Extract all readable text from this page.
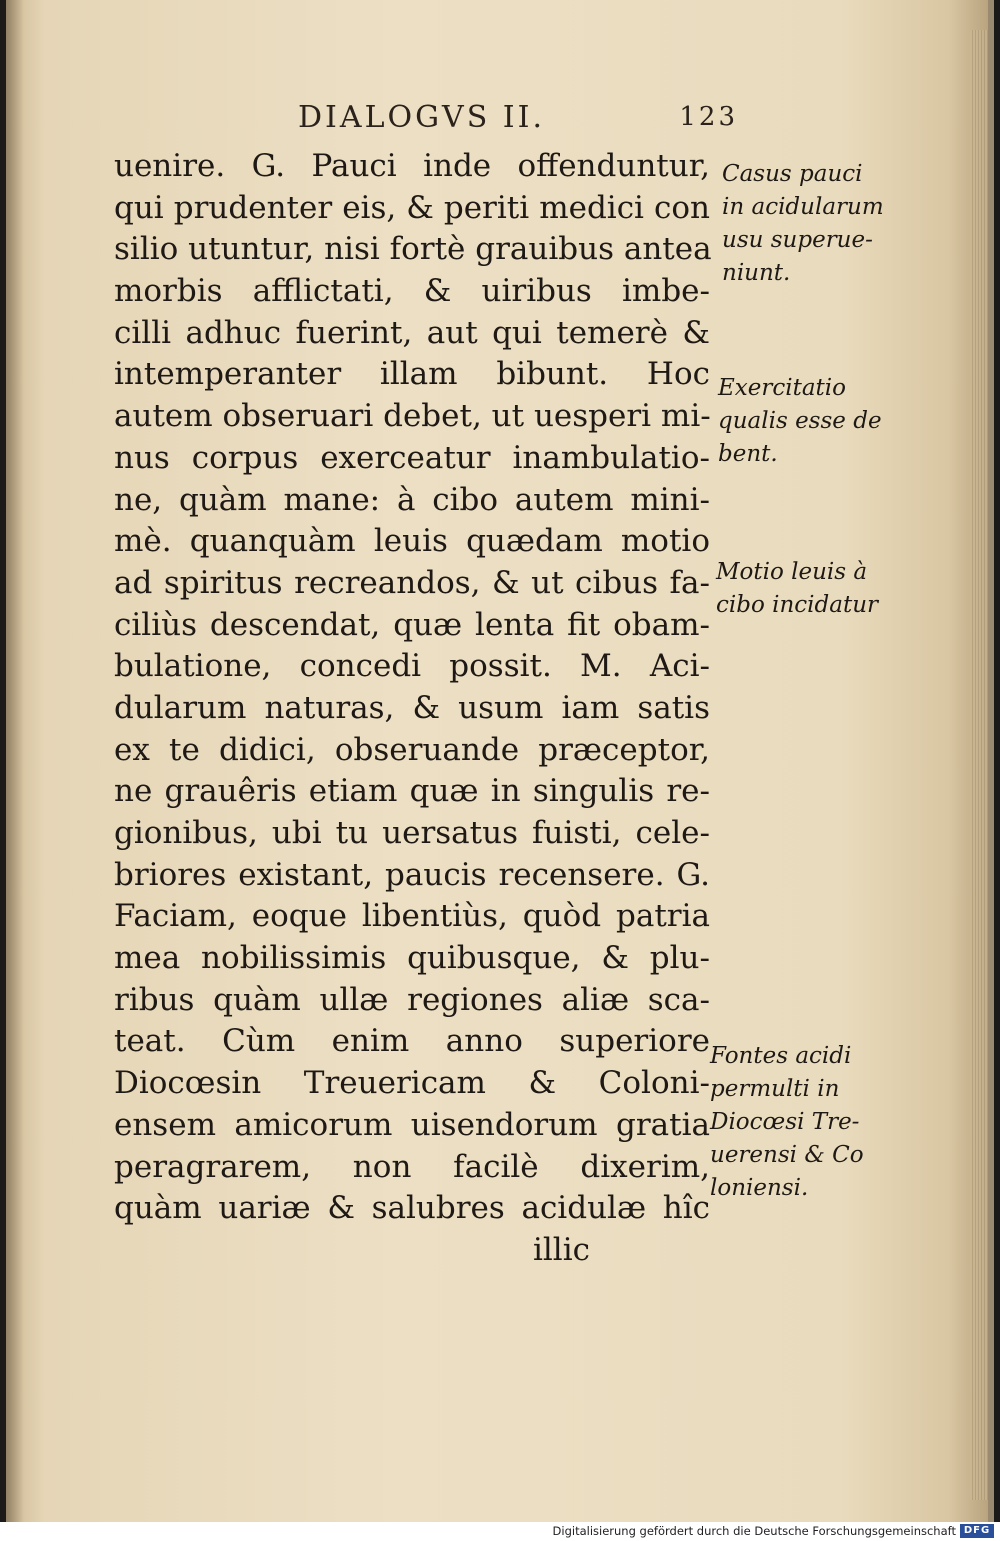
DIALOGVS II.	123
uenire. G. Pauci inde offenduntur,
qui prudenter eis, & periti medici con
silio utuntur, nisi fortè grauibus antea
morbis afflictati, & uiribus imbe-
cilli adhuc fuerint, aut qui temerè &
intemperanter illam bibunt. Hoc
autem obseruari debet, ut uesperi mi-
nus corpus exerceatur inambulatio-
ne, quàm mane: à cibo autem mini-
mè. quanquàm leuis quædam motio
ad spiritus recreandos, & ut cibus fa-
ciliùs descendat, quæ lenta fit obam-
bulatione, concedi possit. M. Aci-
dularum naturas, & usum iam satis
ex te didici, obseruande præceptor,
ne grauêris etiam quæ in singulis re-
gionibus, ubi tu uersatus fuisti, cele-
briores existant, paucis recensere. G.
Faciam, eoque libentiùs, quòd patria
mea nobilissimis quibusque, & plu-
ribus quàm ullæ regiones aliæ sca-
teat. Cùm enim anno superiore
Diocœsin Treuericam & Coloni-
ensem amicorum uisendorum gratia
peragrarem, non facilè dixerim,
quàm uariæ & salubres acidulæ hîc
illic
Casus pauci
in acidularum
usu superue-
niunt.
Exercitatio
qualis esse de
bent.
Motio leuis à
cibo incidatur
Fontes acidi
permulti in
Diocœsi Tre-
uerensi & Co
loniensi.
Digitalisierung gefördert durch die Deutsche Forschungsgemeinschaft DFG
